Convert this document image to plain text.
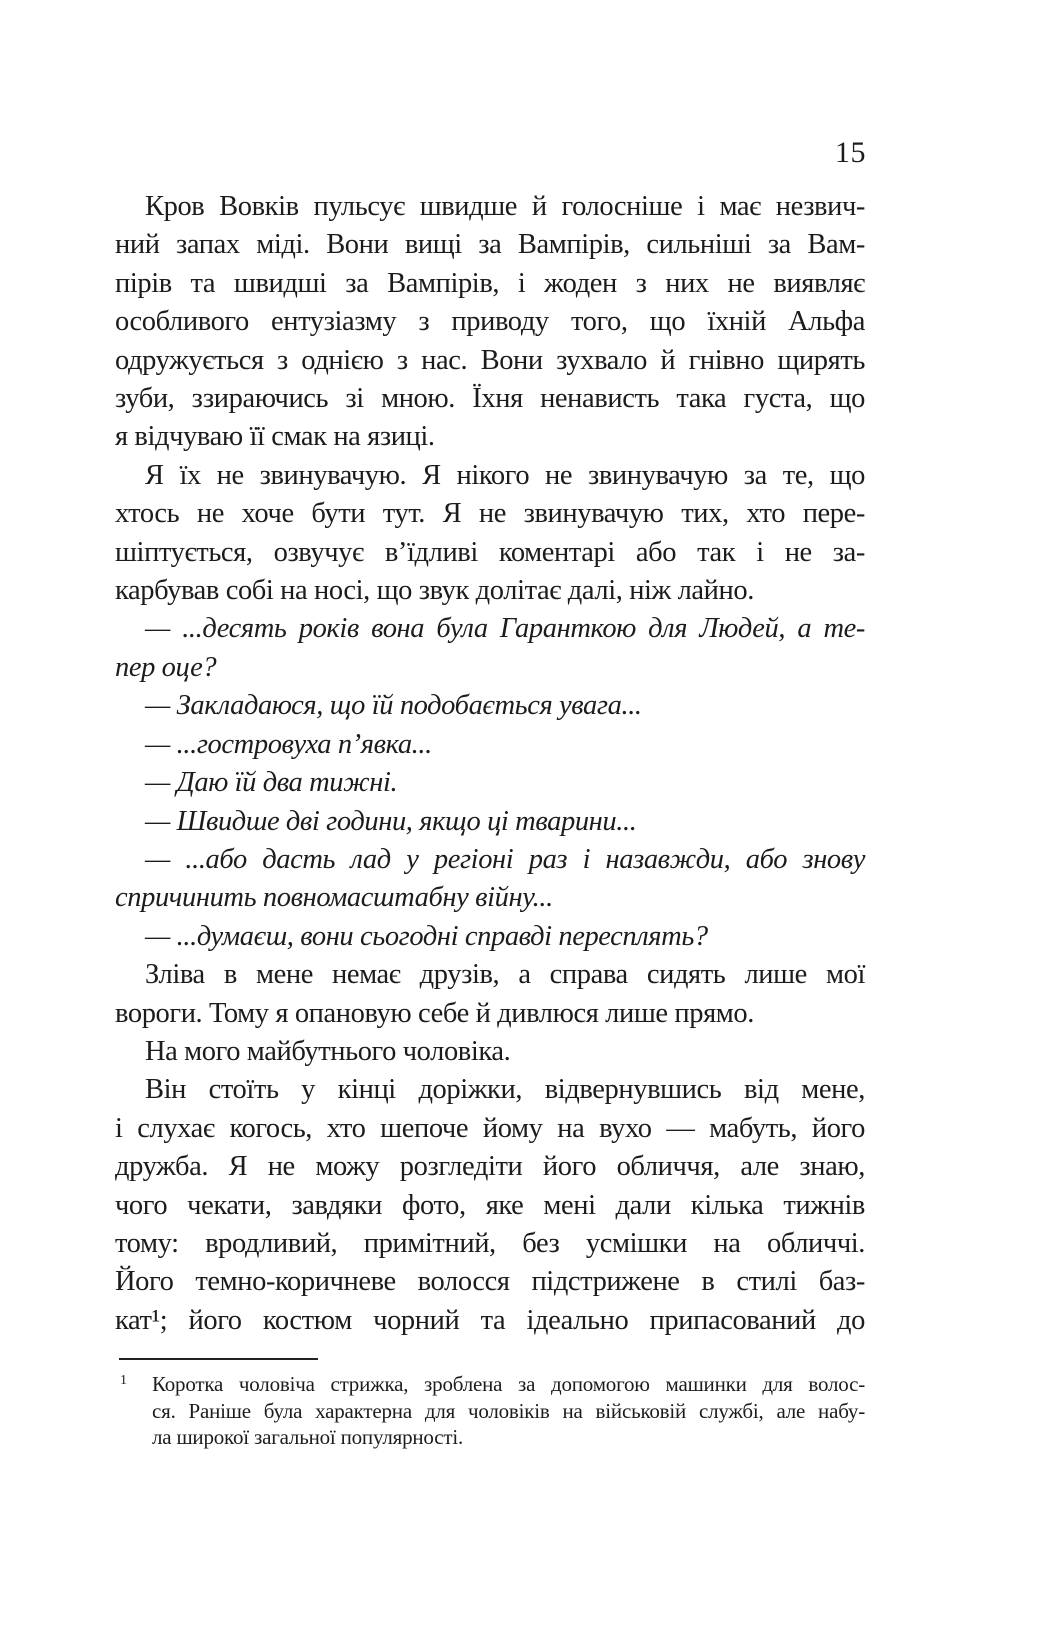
15
Кров Вовків пульсує швидше й голосніше і має незвич-
ний запах міді. Вони вищі за Вампірів, сильніші за Вам-
пірів та швидші за Вампірів, і жоден з них не виявляє
особливого ентузіазму з приводу того, що їхній Альфа
одружується з однією з нас. Вони зухвало й гнівно щирять
зуби, ззираючись зі мною. Їхня ненависть така густа, що
я відчуваю її смак на язиці.
Я їх не звинувачую. Я нікого не звинувачую за те, що
хтось не хоче бути тут. Я не звинувачую тих, хто пере-
шіптується, озвучує в’їдливі коментарі або так і не за-
карбував собі на носі, що звук долітає далі, ніж лайно.
— ...десять років вона була Гаранткою для Людей, а те-
пер оце?
— Закладаюся, що їй подобається увага...
— ...гостровуха п’явка...
— Даю їй два тижні.
— Швидше дві години, якщо ці тварини...
— ...або дасть лад у регіоні раз і назавжди, або знову
спричинить повномасштабну війну...
— ...думаєш, вони сьогодні справді пересплять?
Зліва в мене немає друзів, а справа сидять лише мої
вороги. Тому я опановую себе й дивлюся лише прямо.
На мого майбутнього чоловіка.
Він стоїть у кінці доріжки, відвернувшись від мене,
і слухає когось, хто шепоче йому на вухо — мабуть, його
дружба. Я не можу розгледіти його обличчя, але знаю,
чого чекати, завдяки фото, яке мені дали кілька тижнів
тому: вродливий, примітний, без усмішки на обличчі.
Його темно-коричневе волосся підстрижене в стилі баз-
кат¹; його костюм чорний та ідеально припасований до
1 Коротка чоловіча стрижка, зроблена за допомогою машинки для волос-
ся. Раніше була характерна для чоловіків на військовій службі, але набу-
ла широкої загальної популярності.
